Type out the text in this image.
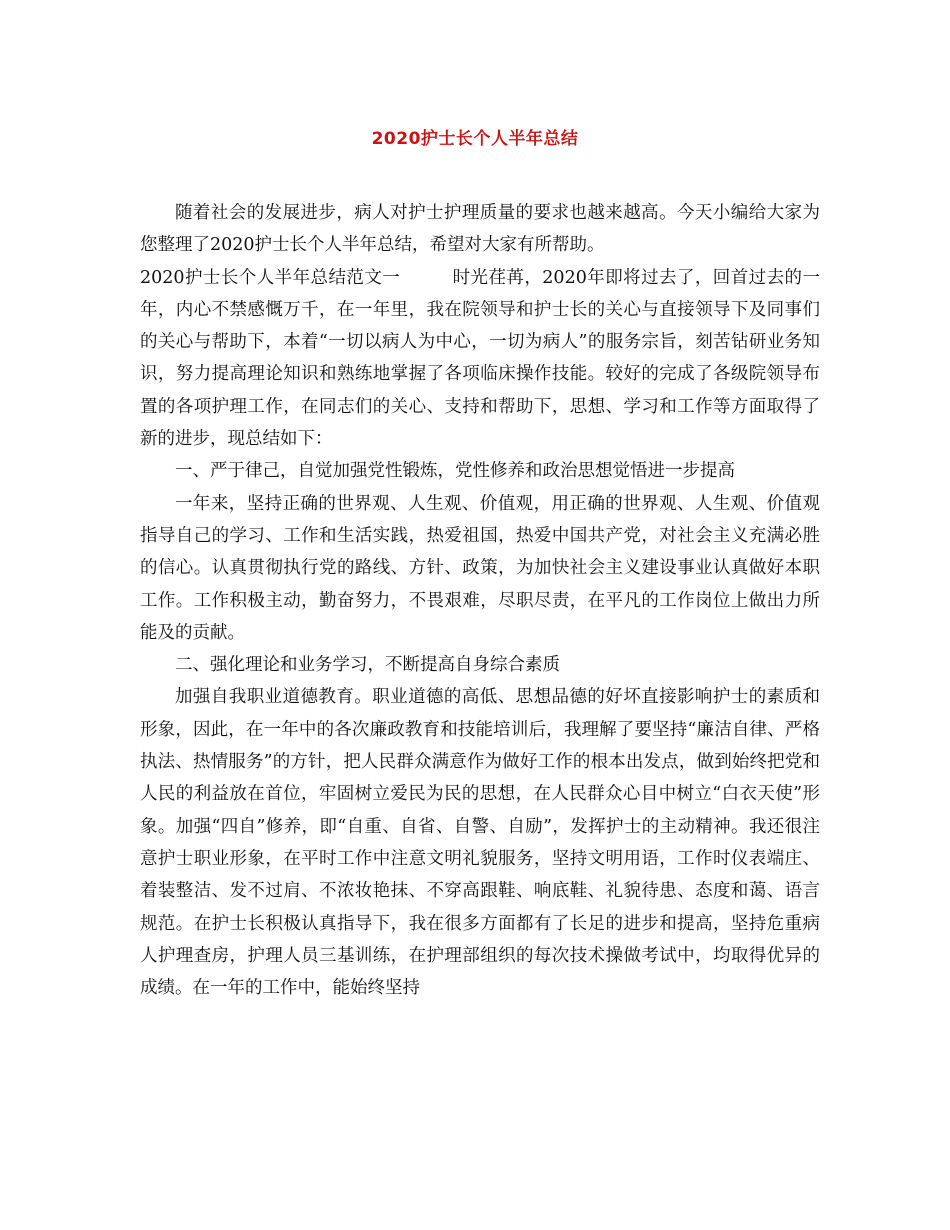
2020护士长个人半年总结

随着社会的发展进步，病人对护士护理质量的要求也越来越高。今天小编给大家为您整理了2020护士长个人半年总结，希望对大家有所帮助。

2020护士长个人半年总结范文一	时光荏苒，2020年即将过去了，回首过去的一年，内心不禁感慨万千，在一年里，我在院领导和护士长的关心与直接领导下及同事们的关心与帮助下，本着“一切以病人为中心，一切为病人”的服务宗旨，刻苦钻研业务知识，努力提高理论知识和熟练地掌握了各项临床操作技能。较好的完成了各级院领导布置的各项护理工作，在同志们的关心、支持和帮助下，思想、学习和工作等方面取得了新的进步，现总结如下：

一、严于律己，自觉加强党性锻炼，党性修养和政治思想觉悟进一步提高

一年来，坚持正确的世界观、人生观、价值观，用正确的世界观、人生观、价值观指导自己的学习、工作和生活实践，热爱祖国，热爱中国共产党，对社会主义充满必胜的信心。认真贯彻执行党的路线、方针、政策，为加快社会主义建设事业认真做好本职工作。工作积极主动，勤奋努力，不畏艰难，尽职尽责，在平凡的工作岗位上做出力所能及的贡献。

二、强化理论和业务学习，不断提高自身综合素质

加强自我职业道德教育。职业道德的高低、思想品德的好坏直接影响护士的素质和形象，因此，在一年中的各次廉政教育和技能培训后，我理解了要坚持“廉洁自律、严格执法、热情服务”的方针，把人民群众满意作为做好工作的根本出发点，做到始终把党和人民的利益放在首位，牢固树立爱民为民的思想，在人民群众心目中树立“白衣天使”形象。加强“四自”修养，即“自重、自省、自警、自励”，发挥护士的主动精神。我还很注意护士职业形象，在平时工作中注意文明礼貌服务，坚持文明用语，工作时仪表端庄、着装整洁、发不过肩、不浓妆艳抹、不穿高跟鞋、响底鞋、礼貌待患、态度和蔼、语言规范。在护士长积极认真指导下，我在很多方面都有了长足的进步和提高，坚持危重病人护理查房，护理人员三基训练，在护理部组织的每次技术操做考试中，均取得优异的成绩。在一年的工作中，能始终坚持
